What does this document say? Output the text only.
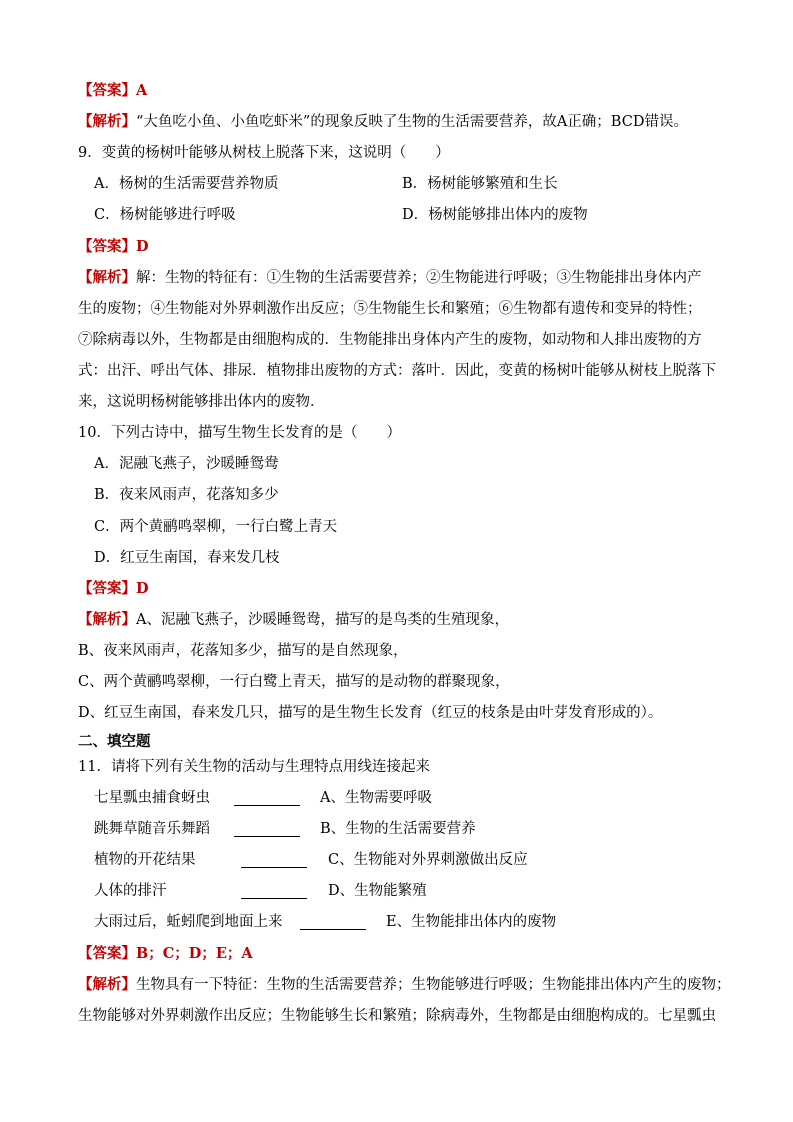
【答案】A
【解析】“大鱼吃小鱼、小鱼吃虾米”的现象反映了生物的生活需要营养，故A正确；BCD错误。
9．变黄的杨树叶能够从树枝上脱落下来，这说明（　　）
A．杨树的生活需要营养物质	B．杨树能够繁殖和生长
C．杨树能够进行呼吸	D．杨树能够排出体内的废物
【答案】D
【解析】解：生物的特征有：①生物的生活需要营养；②生物能进行呼吸；③生物能排出身体内产
生的废物；④生物能对外界刺激作出反应；⑤生物能生长和繁殖；⑥生物都有遗传和变异的特性；
⑦除病毒以外，生物都是由细胞构成的．生物能排出身体内产生的废物，如动物和人排出废物的方
式：出汗、呼出气体、排尿．植物排出废物的方式：落叶．因此，变黄的杨树叶能够从树枝上脱落下
来，这说明杨树能够排出体内的废物．
10．下列古诗中，描写生物生长发育的是（　　）
A．泥融飞燕子，沙暖睡鸳鸯
B．夜来风雨声，花落知多少
C．两个黄鹂鸣翠柳，一行白鹭上青天
D．红豆生南国，春来发几枝
【答案】D
【解析】A、泥融飞燕子，沙暖睡鸳鸯，描写的是鸟类的生殖现象，
B、夜来风雨声，花落知多少，描写的是自然现象，
C、两个黄鹂鸣翠柳，一行白鹭上青天，描写的是动物的群聚现象，
D、红豆生南国，春来发几只，描写的是生物生长发育（红豆的枝条是由叶芽发育形成的）。
二、填空题
11．请将下列有关生物的活动与生理特点用线连接起来
七星瓢虫捕食蚜虫	A、生物需要呼吸
跳舞草随音乐舞蹈	B、生物的生活需要营养
植物的开花结果	C、生物能对外界刺激做出反应
人体的排汗	D、生物能繁殖
大雨过后，蚯蚓爬到地面上来	E、生物能排出体内的废物
【答案】B；C；D；E；A
【解析】生物具有一下特征：生物的生活需要营养；生物能够进行呼吸；生物能排出体内产生的废物；
生物能够对外界刺激作出反应；生物能够生长和繁殖；除病毒外，生物都是由细胞构成的。七星瓢虫
